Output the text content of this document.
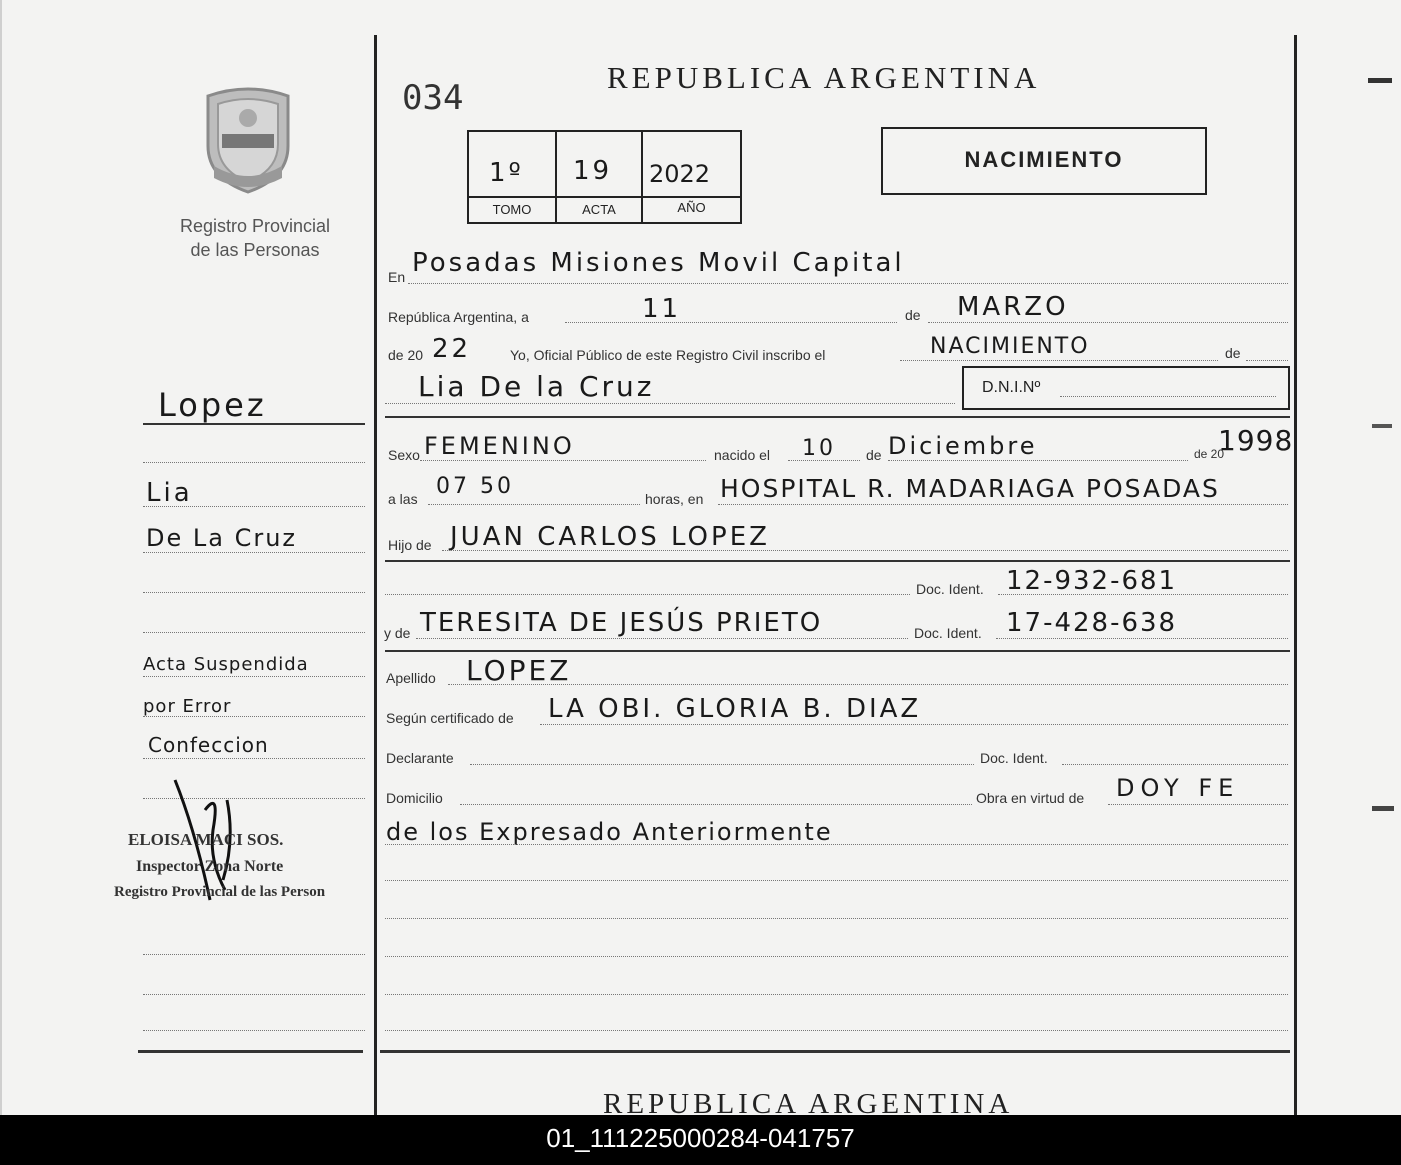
Registro Provincial
de las Personas
034
REPUBLICA ARGENTINA
1º 19 2022
TOMO	ACTA	AÑO
NACIMIENTO
Lopez
Lia
De La Cruz
Acta Suspendida
por Error
Confeccion
ELOISA MACI SOS.
Inspector Zona Norte
Registro Provincial de las Person
En Posadas Misiones Movil Capital
República Argentina, a	11	de MARZO
de 20 22	Yo, Oficial Público de este Registro Civil inscribo el	NACIMIENTO	de
Lia De la Cruz	D.N.I.Nº
Sexo FEMENINO	nacido el 10 de Diciembre	de 20
1998
a las 07 50	horas, en HOSPITAL R. MADARIAGA POSADAS
Hijo de JUAN CARLOS LOPEZ
Doc. Ident. 12-932-681
y de TERESITA DE JESÚS PRIETO	Doc. Ident. 17-428-638
Apellido LOPEZ
Según certificado de LA OBI. GLORIA B. DIAZ
Declarante	Doc. Ident.
Domicilio	Obra en virtud de DOY FE
de los Expresado Anteriormente
REPUBLICA ARGENTINA
01_111225000284-041757
